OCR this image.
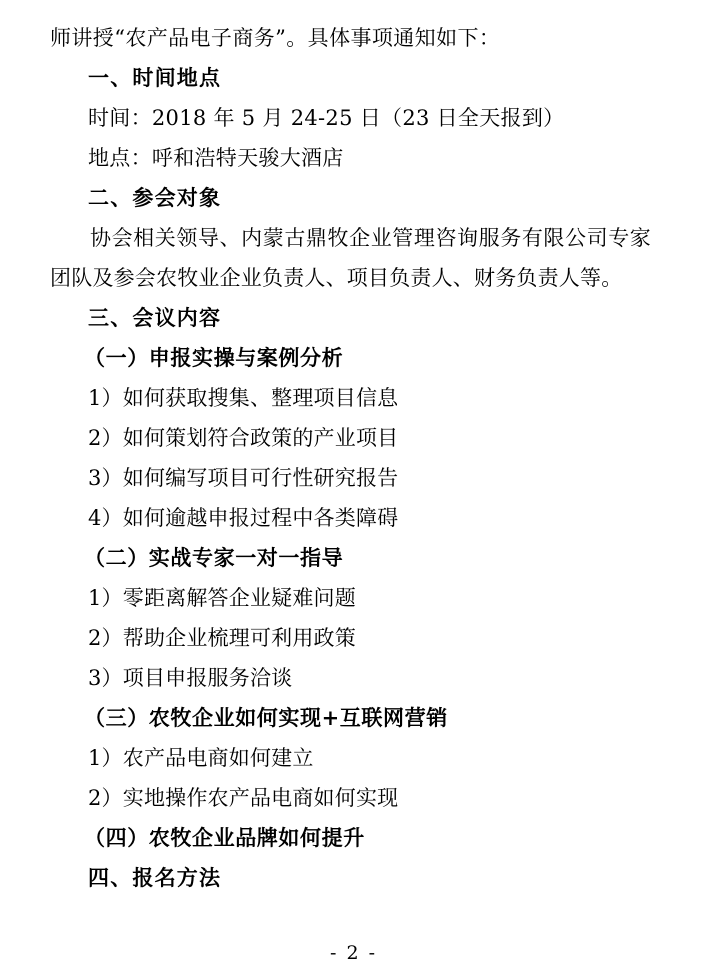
师讲授“农产品电子商务”。具体事项通知如下：
一、时间地点
时间：2018 年 5 月 24-25 日（23 日全天报到）
地点：呼和浩特天骏大酒店
二、参会对象
协会相关领导、内蒙古鼎牧企业管理咨询服务有限公司专家团队及参会农牧业企业负责人、项目负责人、财务负责人等。
三、会议内容
（一）申报实操与案例分析
1）如何获取搜集、整理项目信息
2）如何策划符合政策的产业项目
3）如何编写项目可行性研究报告
4）如何逾越申报过程中各类障碍
（二）实战专家一对一指导
1）零距离解答企业疑难问题
2）帮助企业梳理可利用政策
3）项目申报服务洽谈
（三）农牧企业如何实现+互联网营销
1）农产品电商如何建立
2）实地操作农产品电商如何实现
（四）农牧企业品牌如何提升
四、报名方法
- 2 -
